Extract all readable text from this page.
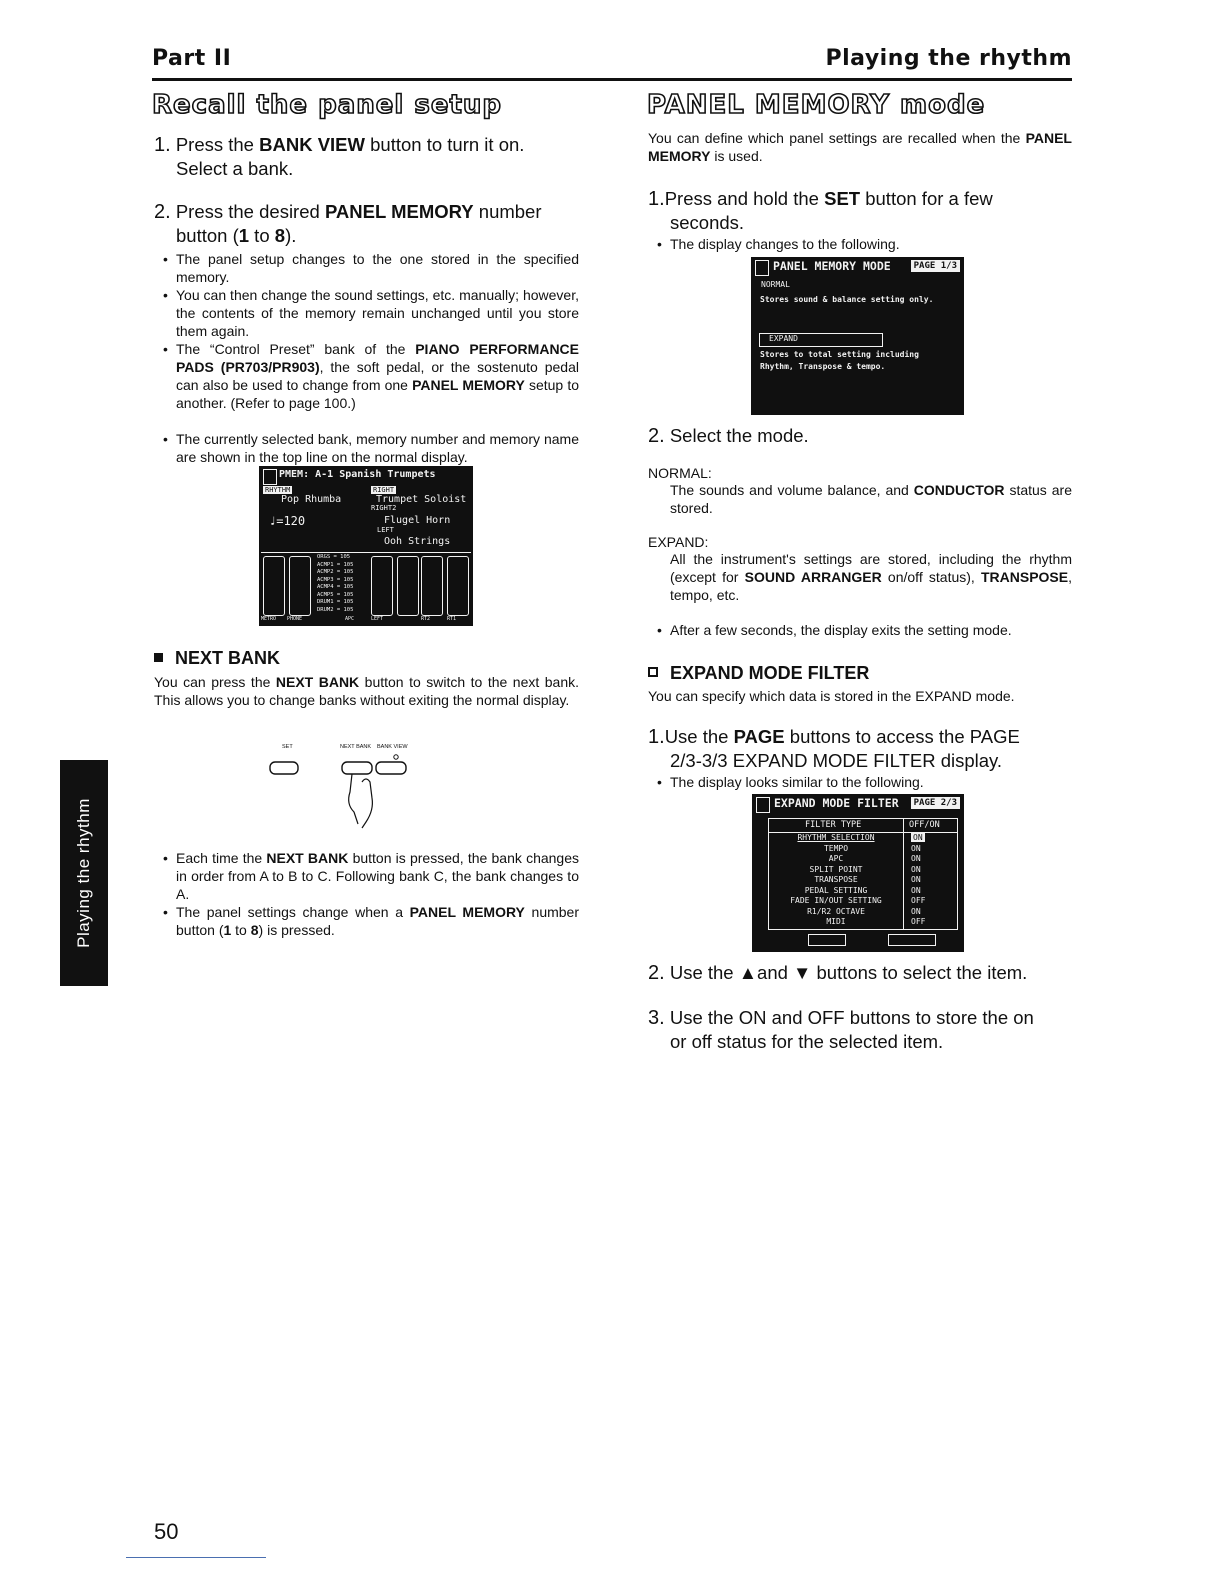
Part II	Playing the rhythm
Recall the panel setup
1. Press the BANK VIEW button to turn it on.
Select a bank.
2. Press the desired PANEL MEMORY number
button (1 to 8).
• The panel setup changes to the one stored in the specified memory.
• You can then change the sound settings, etc. manually; however, the contents of the memory remain unchanged until you store them again.
• The “Control Preset” bank of the PIANO PERFORMANCE PADS (PR703/PR903), the soft pedal, or the sostenuto pedal can also be used to change from one PANEL MEMORY setup to another. (Refer to page 100.)
• The currently selected bank, memory number and memory name are shown in the top line on the normal display.
PMEM: A-1 Spanish Trumpets
RHYTHM
Pop Rhumba
♩=120
RIGHT
Trumpet Soloist
RIGHT2
Flugel Horn
LEFT
Ooh Strings
ORGS = 105
ACMP1 = 105
ACMP2 = 105
ACMP3 = 105
ACMP4 = 105
ACMP5 = 105
DRUM1 = 105
DRUM2 = 105
METRO PHONE	APC	LEFT	RT2	RT1
NEXT BANK
You can press the NEXT BANK button to switch to the next bank. This allows you to change banks without exiting the normal display.
SET	NEXT BANK BANK VIEW
• Each time the NEXT BANK button is pressed, the bank changes in order from A to B to C. Following bank C, the bank changes to A.
• The panel settings change when a PANEL MEMORY number button (1 to 8) is pressed.
PANEL MEMORY mode
You can define which panel settings are recalled when the PANEL MEMORY is used.
1.Press and hold the SET button for a few
seconds.
• The display changes to the following.
PANEL MEMORY MODE	PAGE 1/3
NORMAL
Stores sound & balance setting only.
EXPAND
Stores to total setting including
Rhythm, Transpose & tempo.
2. Select the mode.
NORMAL:
The sounds and volume balance, and CONDUCTOR status are stored.
EXPAND:
All the instrument's settings are stored, including the rhythm (except for SOUND ARRANGER on/off status), TRANSPOSE, tempo, etc.
• After a few seconds, the display exits the setting mode.
EXPAND MODE FILTER
You can specify which data is stored in the EXPAND mode.
1.Use the PAGE buttons to access the PAGE
2/3-3/3 EXPAND MODE FILTER display.
• The display looks similar to the following.
EXPAND MODE FILTER	PAGE 2/3
FILTER TYPE	OFF/ON
RHYTHM SELECTION	ON
TEMPO	ON
APC	ON
SPLIT POINT	ON
TRANSPOSE	ON
PEDAL SETTING	ON
FADE IN/OUT SETTING	OFF
R1/R2 OCTAVE	ON
MIDI	OFF
2. Use the ▲and ▼ buttons to select the item.
3. Use the ON and OFF buttons to store the on
or off status for the selected item.
Playing the rhythm
50
